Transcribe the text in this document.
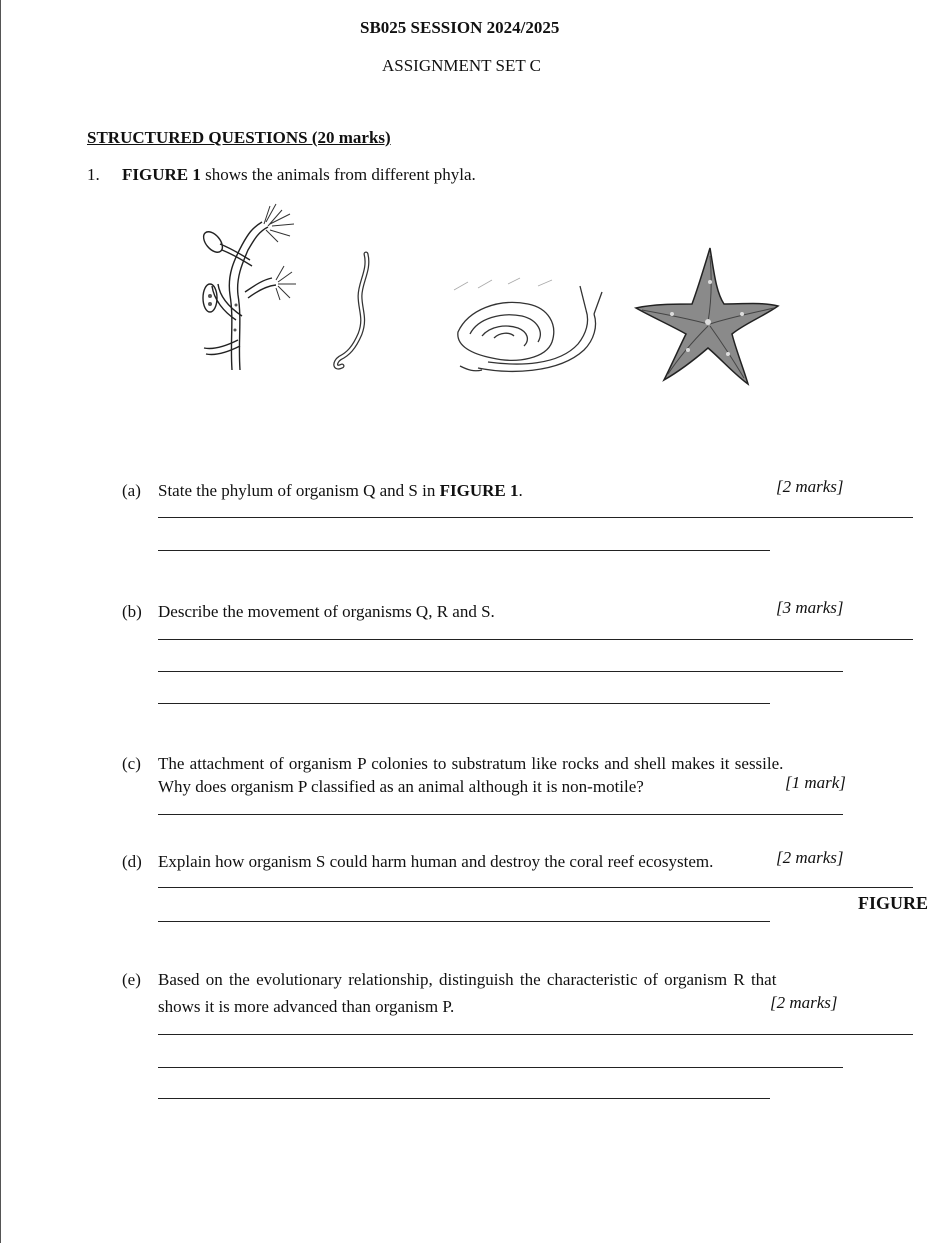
SB025 SESSION 2024/2025
ASSIGNMENT SET C
STRUCTURED QUESTIONS (20 marks)
1. FIGURE 1 shows the animals from different phyla.
(a) State the phylum of organism Q and S in FIGURE 1.	[2 marks]
(b) Describe the movement of organisms Q, R and S.	[3 marks]
(c) The attachment of organism P colonies to substratum like rocks and shell makes it sessile.
Why does organism P classified as an animal although it is non-motile?	[1 mark]
(d) Explain how organism S could harm human and destroy the coral reef ecosystem.	[2 marks]
FIGURE
(e) Based on the evolutionary relationship, distinguish the characteristic of organism R that
shows it is more advanced than organism P.	[2 marks]
